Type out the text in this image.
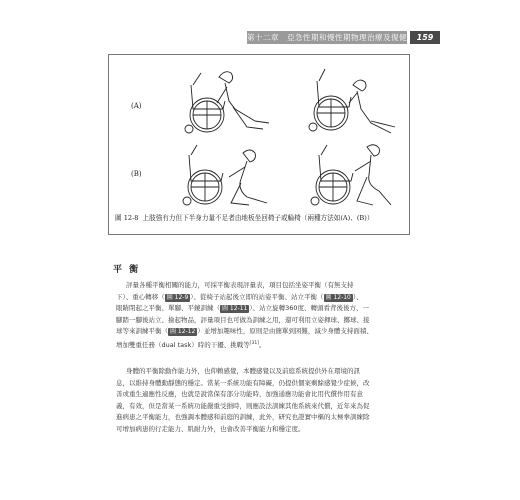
第十二章　亞急性期和慢性期物理治療及復健	159
(A)
(B)
圖 12-8 上肢強有力但下半身力量不足者由地板坐回椅子或輪椅（兩種方法如(A)、(B)）
平 衡
評量各種平衡相關的能力，可採平衡表現評量表，項目包括坐姿平衡（有無支持
下）、重心轉移（ 圖 12-9 ）、從椅子站起後立即的站姿平衡、站立平衡（ 圖 12-10 ）、
眼睛閉起之平衡、單腳、平鏡訓練（ 圖 12-11 ）、站立旋轉360度、轉頭看背後後方、一
腳踏一腳後站立、撿起物品，評量項目也可做為訓練之用，還可利用立姿揮球、擲球、接
球等來訓練平衡（ 圖 12-12 ）並增加趣味性，原則是由簡單到困難，減少身體支持面積、
增加雙重任務（dual task）時的干擾、挑戰等[31]。
身體的平衡除動作能力外，也仰賴感覺，本體感覺以及前庭系統提供外在環境的訊
息，以維持身體動靜態的穩定。當某一系統功能有障礙，仍提供個案剩餘感覺少症候，改
善或重生適應性反應，也就是說當保有部分功能時，加強通應功能會比用代償作用有意
義，有效，但是當某一系統功能嚴重受損時，則應設法訓練其他系統來代償，近年來為促
進病患之平衡能力，也強調本體感和前庭的訓練，此外，研究也證實中樞的太極拳訓練除
可增加病患的行走能力、肌耐力外，也會改善平衡能力和穩定度。
